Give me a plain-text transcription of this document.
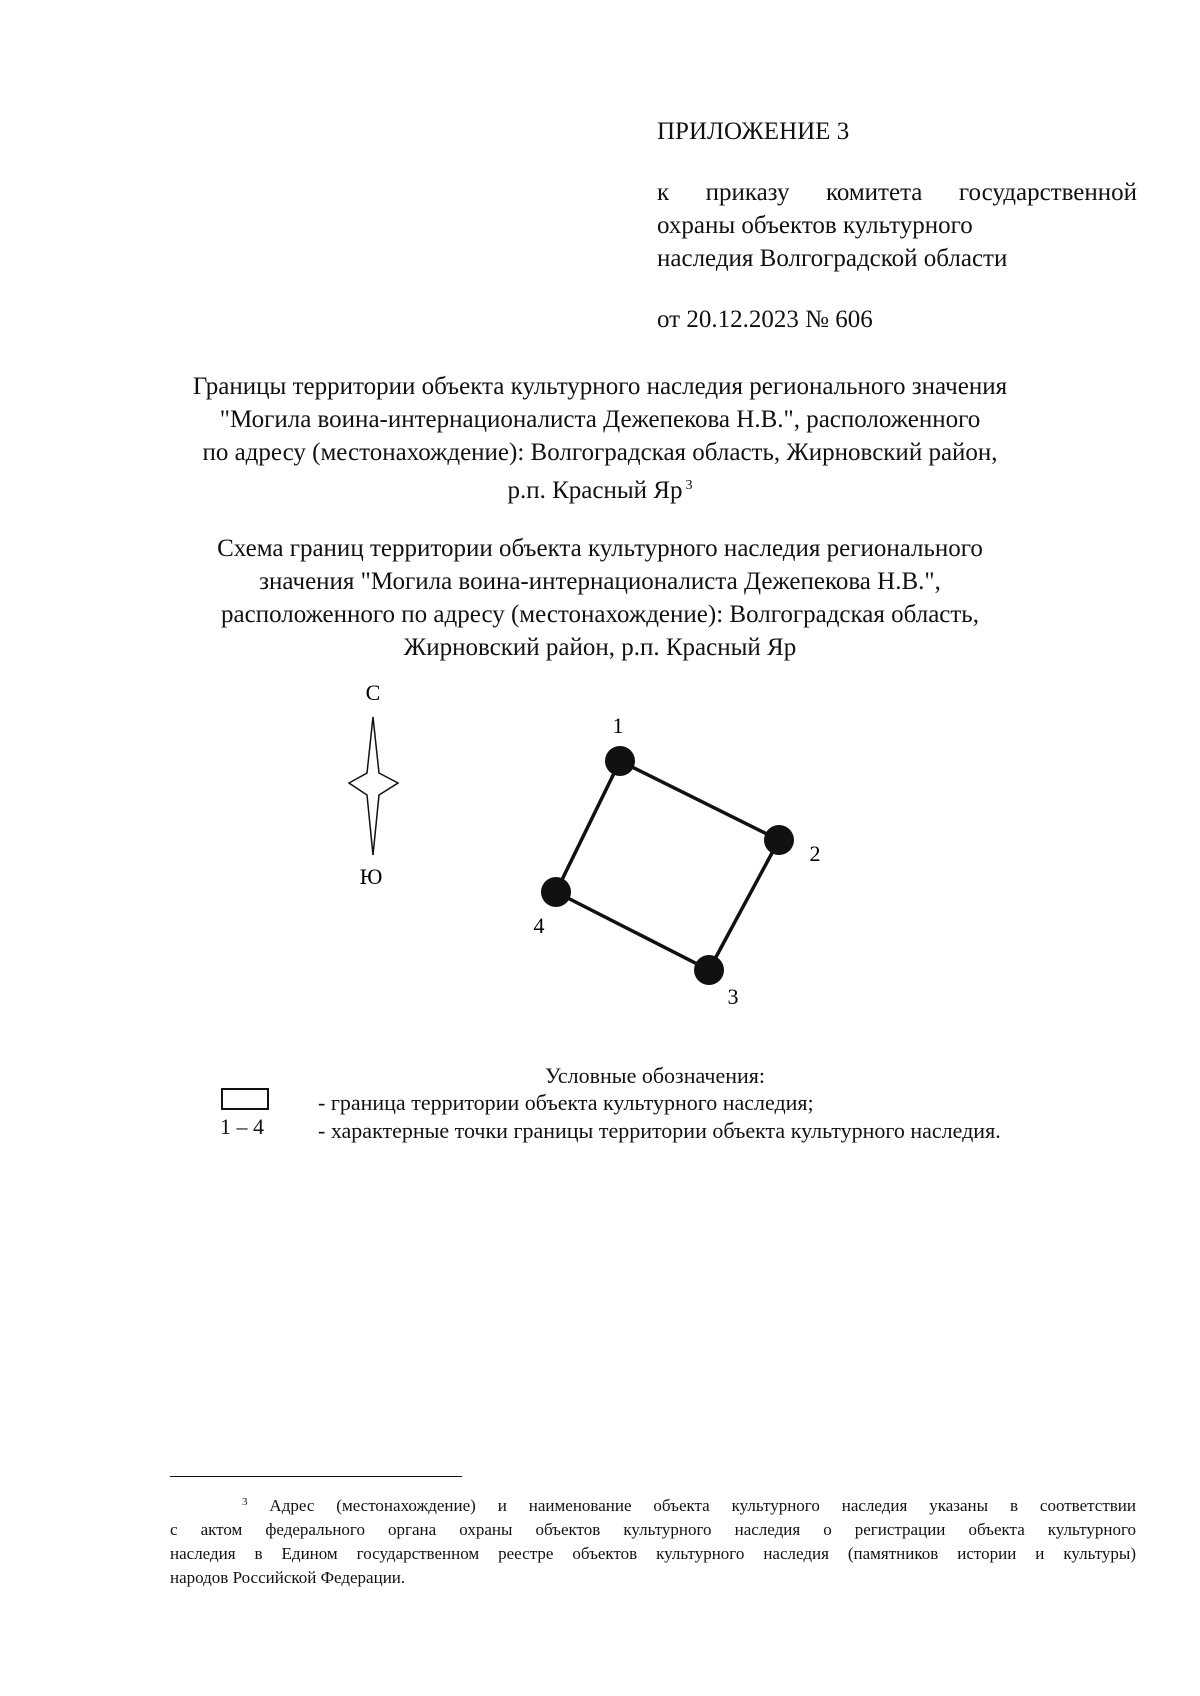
ПРИЛОЖЕНИЕ 3
к приказу комитета государственной
охраны объектов культурного
наследия Волгоградской области
от 20.12.2023 № 606
Границы территории объекта культурного наследия регионального значения
"Могила воина-интернационалиста Дежепекова Н.В.", расположенного
по адресу (местонахождение): Волгоградская область, Жирновский район,
р.п. Красный Яр $^3$
Схема границ территории объекта культурного наследия регионального
значения "Могила воина-интернационалиста Дежепекова Н.В.",
расположенного по адресу (местонахождение): Волгоградская область,
Жирновский район, р.п. Красный Яр
С
Ю
1
2
3
4
Условные обозначения:
1 – 4
- граница территории объекта культурного наследия;
- характерные точки границы территории объекта культурного наследия.
$^3$ Адрес (местонахождение) и наименование объекта культурного наследия указаны в соответствии
с актом федерального органа охраны объектов культурного наследия о регистрации объекта культурного
наследия в Едином государственном реестре объектов культурного наследия (памятников истории и культуры)
народов Российской Федерации.
